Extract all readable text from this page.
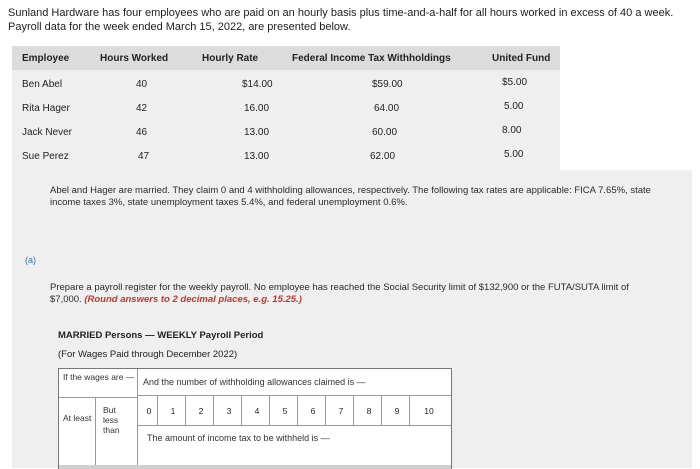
Sunland Hardware has four employees who are paid on an hourly basis plus time-and-a-half for all hours worked in excess of 40 a week. Payroll data for the week ended March 15, 2022, are presented below.
Employee	Hours Worked	Hourly Rate	Federal Income Tax Withholdings	United Fund
Ben Abel	40	$14.00	$59.00	$5.00
Rita Hager	42	16.00	64.00	5.00
Jack Never	46	13.00	60.00	8.00
Sue Perez	47	13.00	62.00	5.00
Abel and Hager are married. They claim 0 and 4 withholding allowances, respectively. The following tax rates are applicable: FICA 7.65%, state income taxes 3%, state unemployment taxes 5.4%, and federal unemployment 0.6%.
(a)
Prepare a payroll register for the weekly payroll. No employee has reached the Social Security limit of $132,900 or the FUTA/SUTA limit of $7,000. (Round answers to 2 decimal places, e.g. 15.25.)
MARRIED Persons — WEEKLY Payroll Period
(For Wages Paid through December 2022)
If the wages are — And the number of withholding allowances claimed is —
At least
But less than
0	1	2	3	4	5	6	7	8	9	10
The amount of income tax to be withheld is —
